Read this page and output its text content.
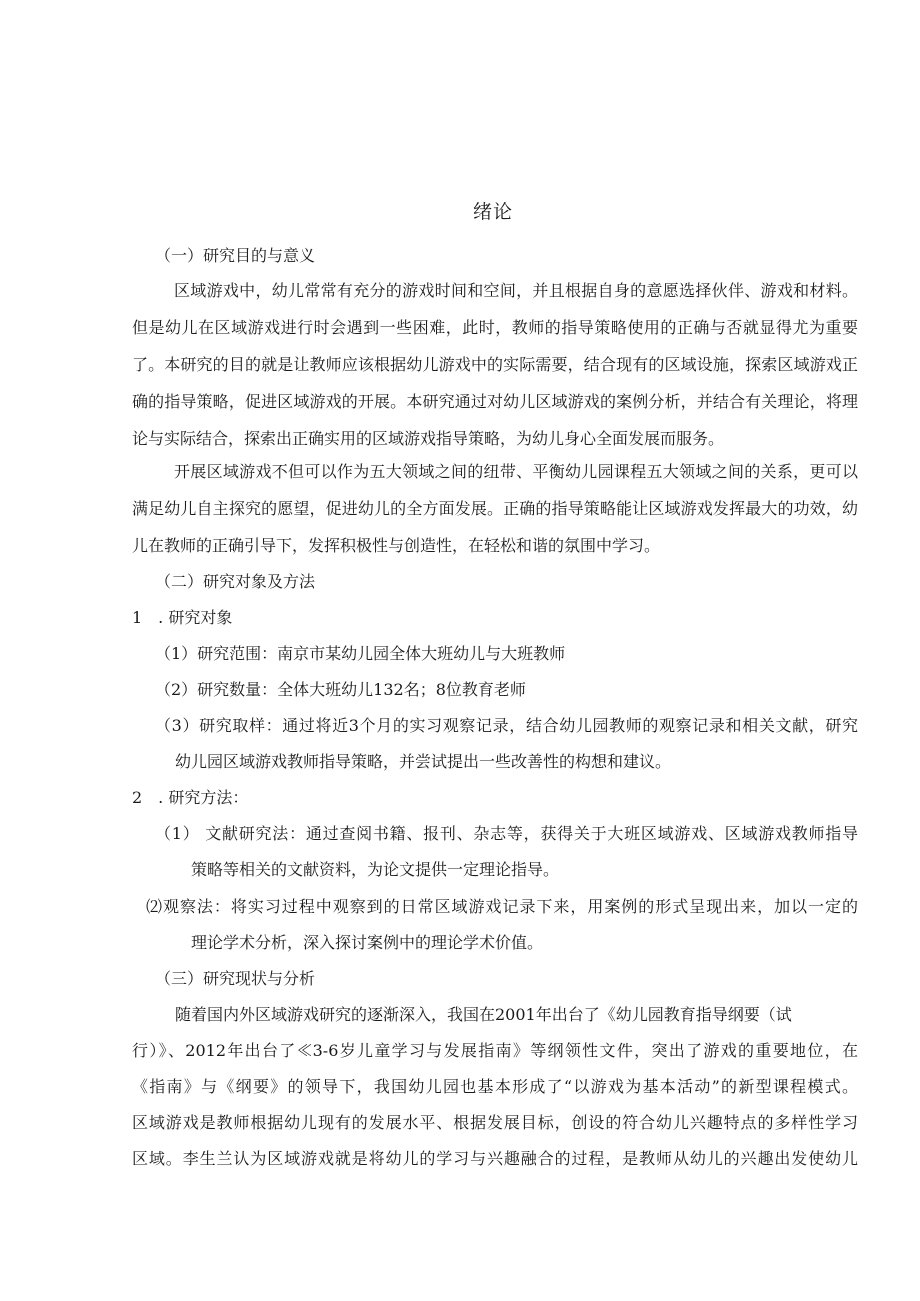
绪论
（一）研究目的与意义
区域游戏中，幼儿常常有充分的游戏时间和空间，并且根据自身的意愿选择伙伴、游戏和材料。但是幼儿在区域游戏进行时会遇到一些困难，此时，教师的指导策略使用的正确与否就显得尤为重要了。本研究的目的就是让教师应该根据幼儿游戏中的实际需要，结合现有的区域设施，探索区域游戏正确的指导策略，促进区域游戏的开展。本研究通过对幼儿区域游戏的案例分析，并结合有关理论，将理论与实际结合，探索出正确实用的区域游戏指导策略，为幼儿身心全面发展而服务。
开展区域游戏不但可以作为五大领域之间的纽带、平衡幼儿园课程五大领域之间的关系，更可以满足幼儿自主探究的愿望，促进幼儿的全方面发展。正确的指导策略能让区域游戏发挥最大的功效，幼儿在教师的正确引导下，发挥积极性与创造性，在轻松和谐的氛围中学习。
（二）研究对象及方法
1　. 研究对象
（1）研究范围：南京市某幼儿园全体大班幼儿与大班教师
（2）研究数量：全体大班幼儿132名；8位教育老师
（3）研究取样：通过将近3个月的实习观察记录，结合幼儿园教师的观察记录和相关文献，研究
幼儿园区域游戏教师指导策略，并尝试提出一些改善性的构想和建议。
2　. 研究方法：
（1） 文献研究法：通过查阅书籍、报刊、杂志等，获得关于大班区域游戏、区域游戏教师指导
策略等相关的文献资料，为论文提供一定理论指导。
⑵观察法：将实习过程中观察到的日常区域游戏记录下来，用案例的形式呈现出来，加以一定的
理论学术分析，深入探讨案例中的理论学术价值。
（三）研究现状与分析
随着国内外区域游戏研究的逐渐深入，我国在2001年出台了《幼儿园教育指导纲要（试
行）》、2012年出台了≪3-6岁儿童学习与发展指南》等纲领性文件，突出了游戏的重要地位，在
《指南》与《纲要》的领导下，我国幼儿园也基本形成了“以游戏为基本活动”的新型课程模式。
区域游戏是教师根据幼儿现有的发展水平、根据发展目标，创设的符合幼儿兴趣特点的多样性学习
区域。李生兰认为区域游戏就是将幼儿的学习与兴趣融合的过程，是教师从幼儿的兴趣出发使幼儿
